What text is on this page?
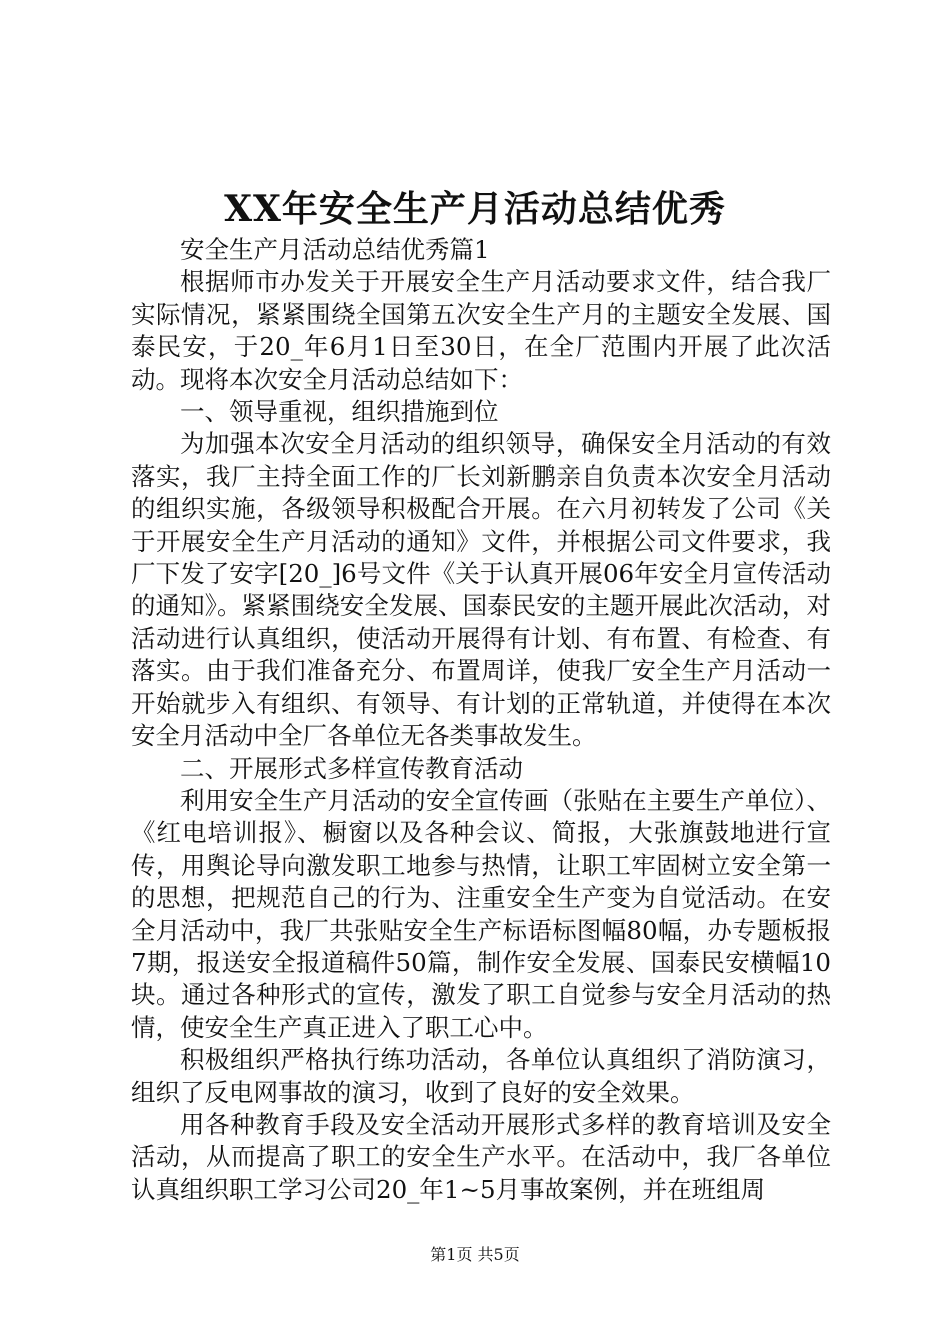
XX年安全生产月活动总结优秀

安全生产月活动总结优秀篇1

根据师市办发关于开展安全生产月活动要求文件，结合我厂实际情况，紧紧围绕全国第五次安全生产月的主题安全发展、国泰民安，于20_年6月1日至30日，在全厂范围内开展了此次活动。现将本次安全月活动总结如下：

一、领导重视，组织措施到位

为加强本次安全月活动的组织领导，确保安全月活动的有效落实，我厂主持全面工作的厂长刘新鹏亲自负责本次安全月活动的组织实施，各级领导积极配合开展。在六月初转发了公司《关于开展安全生产月活动的通知》文件，并根据公司文件要求，我厂下发了安字[20_]6号文件《关于认真开展06年安全月宣传活动的通知》。紧紧围绕安全发展、国泰民安的主题开展此次活动，对活动进行认真组织，使活动开展得有计划、有布置、有检查、有落实。由于我们准备充分、布置周详，使我厂安全生产月活动一开始就步入有组织、有领导、有计划的正常轨道，并使得在本次安全月活动中全厂各单位无各类事故发生。

二、开展形式多样宣传教育活动

利用安全生产月活动的安全宣传画（张贴在主要生产单位）、《红电培训报》、橱窗以及各种会议、简报，大张旗鼓地进行宣传，用舆论导向激发职工地参与热情，让职工牢固树立安全第一的思想，把规范自己的行为、注重安全生产变为自觉活动。在安全月活动中，我厂共张贴安全生产标语标图幅80幅，办专题板报7期，报送安全报道稿件50篇，制作安全发展、国泰民安横幅10块。通过各种形式的宣传，激发了职工自觉参与安全月活动的热情，使安全生产真正进入了职工心中。

积极组织严格执行练功活动，各单位认真组织了消防演习，组织了反电网事故的演习，收到了良好的安全效果。

用各种教育手段及安全活动开展形式多样的教育培训及安全活动，从而提高了职工的安全生产水平。在活动中，我厂各单位认真组织职工学习公司20_年1~5月事故案例，并在班组周

第1页 共5页
